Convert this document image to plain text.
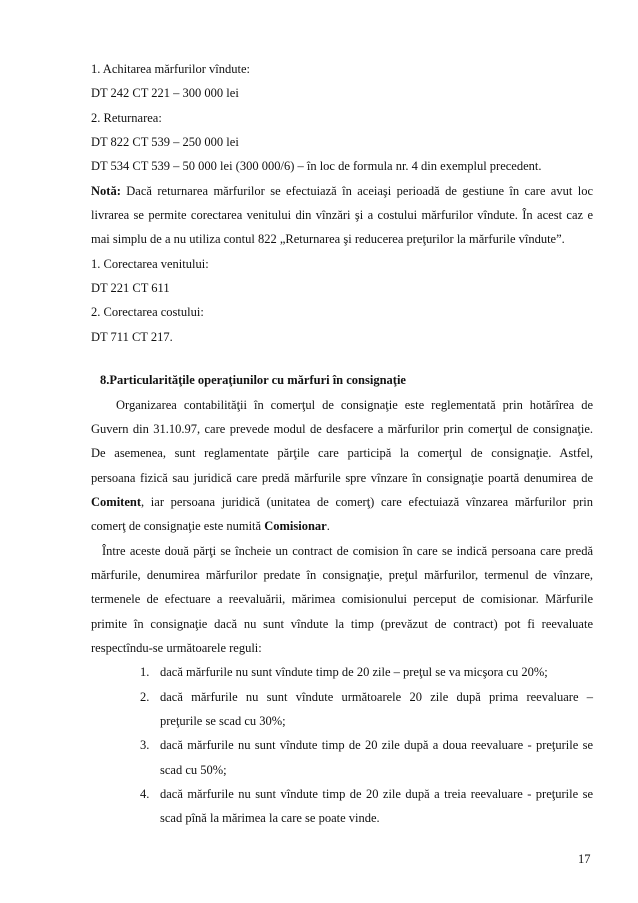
1. Achitarea mărfurilor vîndute:
DT 242 CT 221 – 300 000 lei
2. Returnarea:
DT 822 CT 539 – 250 000 lei
DT 534 CT 539 – 50 000 lei (300 000/6) – în loc de formula nr. 4 din exemplul precedent.
Notă: Dacă returnarea mărfurilor se efectuiază în aceiaşi perioadă de gestiune în care avut loc
livrarea se permite corectarea venitului din vînzări şi a costului mărfurilor vîndute. În acest caz e
mai simplu de a nu utiliza contul 822 „Returnarea şi reducerea preţurilor la mărfurile vîndute”.
1. Corectarea venitului:
DT 221 CT 611
2. Corectarea costului:
DT 711 CT 217.
8.Particularităţile operaţiunilor cu mărfuri în consignaţie
Organizarea contabilităţii în comerţul de consignaţie este reglementată prin hotărîrea de
Guvern din 31.10.97, care prevede modul de desfacere a mărfurilor prin comerţul de consignaţie.
De asemenea, sunt reglamentate părţile care participă la comerţul de consignaţie. Astfel,
persoana fizică sau juridică care predă mărfurile spre vînzare în consignaţie poartă denumirea de
Comitent, iar persoana juridică (unitatea de comerţ) care efectuiază vînzarea mărfurilor prin
comerţ de consignaţie este numită Comisionar.
Între aceste două părţi se încheie un contract de comision în care se indică persoana care predă
mărfurile, denumirea mărfurilor predate în consignaţie, preţul mărfurilor, termenul de vînzare,
termenele de efectuare a reevaluării, mărimea comisionului perceput de comisionar. Mărfurile
primite în consignaţie dacă nu sunt vîndute la timp (prevăzut de contract) pot fi reevaluate
respectîndu-se următoarele reguli:
1. dacă mărfurile nu sunt vîndute timp de 20 zile – preţul se va micşora cu 20%;
2. dacă mărfurile nu sunt vîndute următoarele 20 zile după prima reevaluare –
preţurile se scad cu 30%;
3. dacă mărfurile nu sunt vîndute timp de 20 zile după a doua reevaluare - preţurile se
scad cu 50%;
4. dacă mărfurile nu sunt vîndute timp de 20 zile după a treia reevaluare - preţurile se
scad pînă la mărimea la care se poate vinde.
17
